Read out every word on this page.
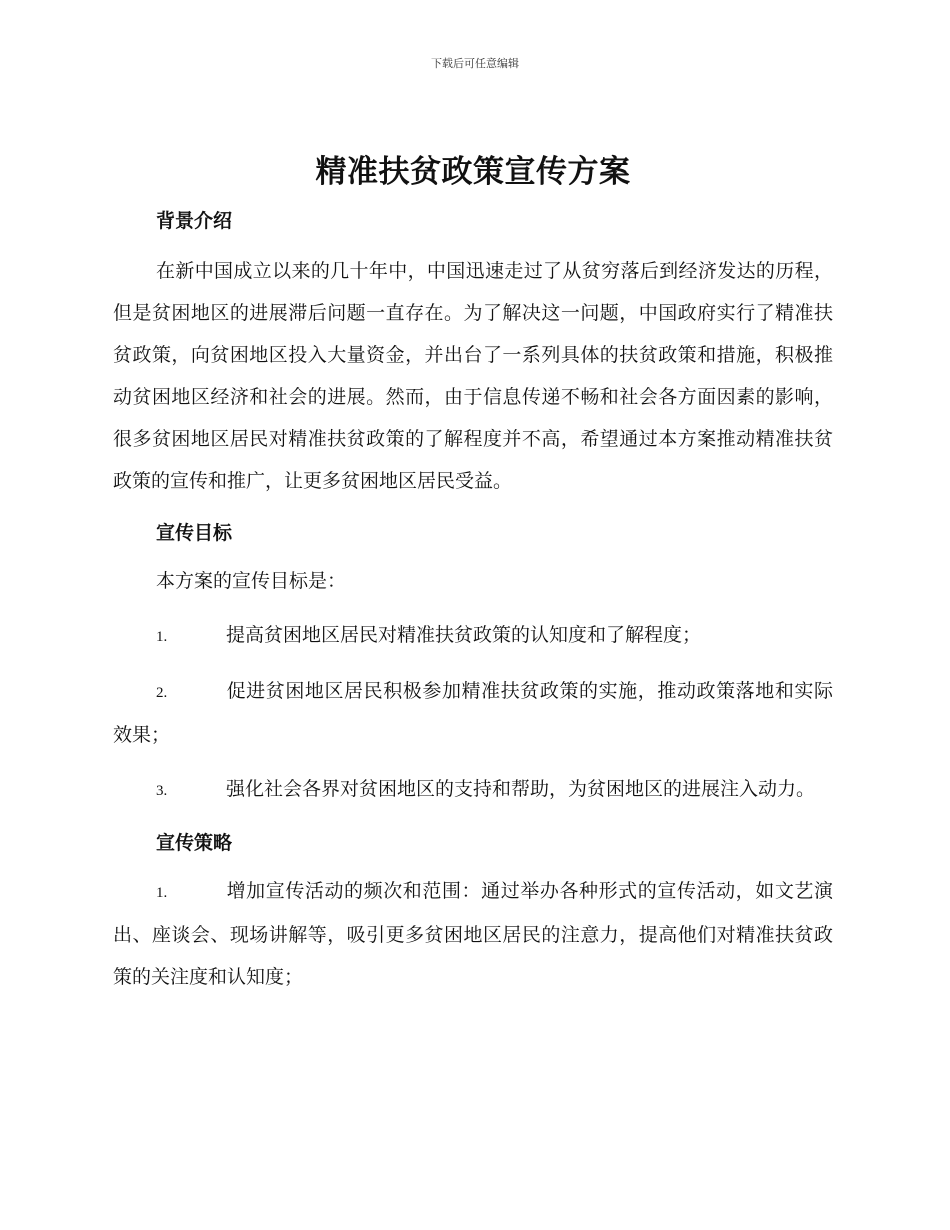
下载后可任意编辑
精准扶贫政策宣传方案
背景介绍

在新中国成立以来的几十年中，中国迅速走过了从贫穷落后到经济发达的历程，但是贫困地区的进展滞后问题一直存在。为了解决这一问题，中国政府实行了精准扶贫政策，向贫困地区投入大量资金，并出台了一系列具体的扶贫政策和措施，积极推动贫困地区经济和社会的进展。然而，由于信息传递不畅和社会各方面因素的影响，很多贫困地区居民对精准扶贫政策的了解程度并不高，希望通过本方案推动精准扶贫政策的宣传和推广，让更多贫困地区居民受益。

宣传目标

本方案的宣传目标是：

1.	提高贫困地区居民对精准扶贫政策的认知度和了解程度；

2.	促进贫困地区居民积极参加精准扶贫政策的实施，推动政策落地和实际效果；

3.	强化社会各界对贫困地区的支持和帮助，为贫困地区的进展注入动力。

宣传策略

1.	增加宣传活动的频次和范围：通过举办各种形式的宣传活动，如文艺演出、座谈会、现场讲解等，吸引更多贫困地区居民的注意力，提高他们对精准扶贫政策的关注度和认知度；
